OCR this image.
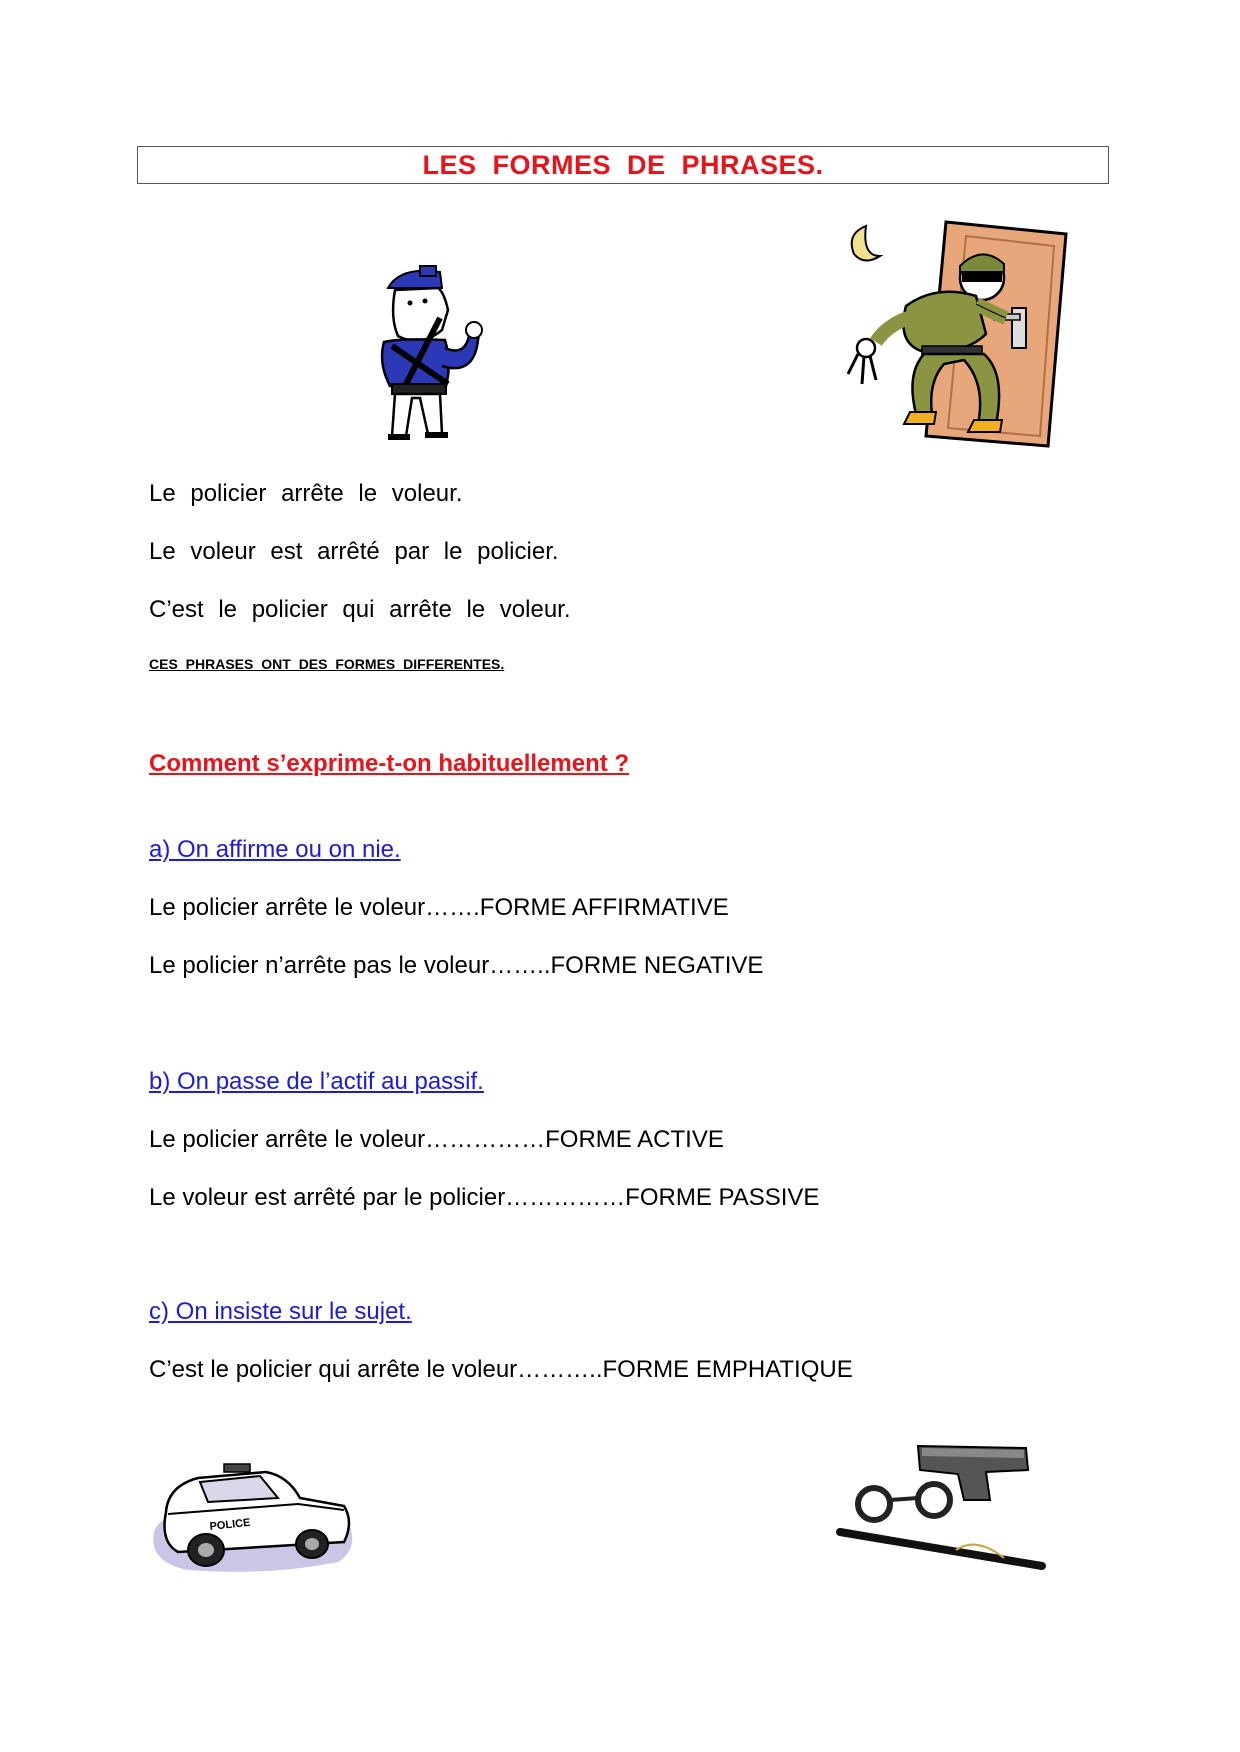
LES FORMES DE PHRASES.
Le policier arrête le voleur.
Le voleur est arrêté par le policier.
C’est le policier qui arrête le voleur.
CES PHRASES ONT DES FORMES DIFFERENTES.
Comment s’exprime-t-on habituellement ?
a) On affirme ou on nie.
Le policier arrête le voleur…….FORME AFFIRMATIVE
Le policier n’arrête pas le voleur……..FORME NEGATIVE
b) On passe de l’actif au passif.
Le policier arrête le voleur……………FORME ACTIVE
Le voleur est arrêté par le policier……………FORME PASSIVE
c) On insiste sur le sujet.
C’est le policier qui arrête le voleur………..FORME EMPHATIQUE
POLICE
